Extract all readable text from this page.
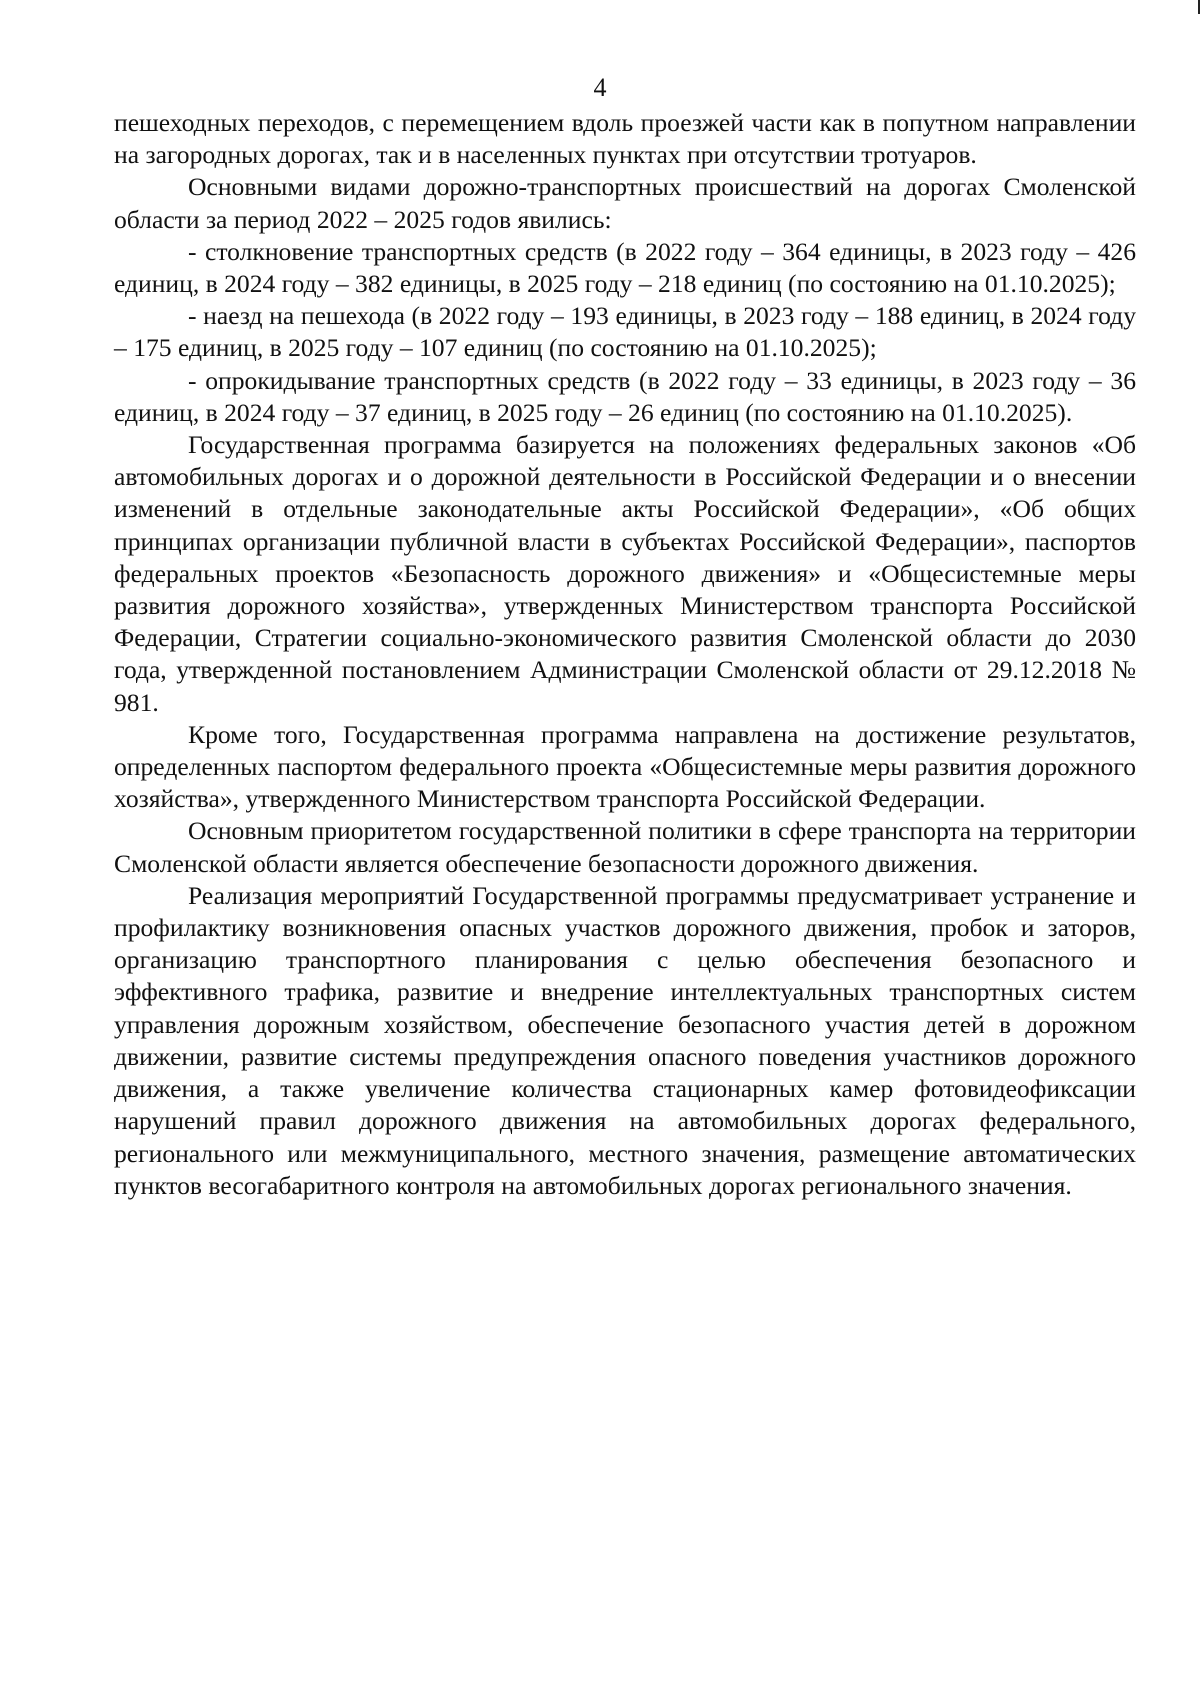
4

пешеходных переходов, с перемещением вдоль проезжей части как в попутном направлении на загородных дорогах, так и в населенных пунктах при отсутствии тротуаров.

Основными видами дорожно-транспортных происшествий на дорогах Смоленской области за период 2022 – 2025 годов явились:

- столкновение транспортных средств (в 2022 году – 364 единицы, в 2023 году – 426 единиц, в 2024 году – 382 единицы, в 2025 году – 218 единиц (по состоянию на 01.10.2025);

- наезд на пешехода (в 2022 году – 193 единицы, в 2023 году – 188 единиц, в 2024 году – 175 единиц, в 2025 году – 107 единиц (по состоянию на 01.10.2025);

- опрокидывание транспортных средств (в 2022 году – 33 единицы, в 2023 году – 36 единиц, в 2024 году – 37 единиц, в 2025 году – 26 единиц (по состоянию на 01.10.2025).

Государственная программа базируется на положениях федеральных законов «Об автомобильных дорогах и о дорожной деятельности в Российской Федерации и о внесении изменений в отдельные законодательные акты Российской Федерации», «Об общих принципах организации публичной власти в субъектах Российской Федерации», паспортов федеральных проектов «Безопасность дорожного движения» и «Общесистемные меры развития дорожного хозяйства», утвержденных Министерством транспорта Российской Федерации, Стратегии социально-экономического развития Смоленской области до 2030 года, утвержденной постановлением Администрации Смоленской области от 29.12.2018 № 981.

Кроме того, Государственная программа направлена на достижение результатов, определенных паспортом федерального проекта «Общесистемные меры развития дорожного хозяйства», утвержденного Министерством транспорта Российской Федерации.

Основным приоритетом государственной политики в сфере транспорта на территории Смоленской области является обеспечение безопасности дорожного движения.

Реализация мероприятий Государственной программы предусматривает устранение и профилактику возникновения опасных участков дорожного движения, пробок и заторов, организацию транспортного планирования с целью обеспечения безопасного и эффективного трафика, развитие и внедрение интеллектуальных транспортных систем управления дорожным хозяйством, обеспечение безопасного участия детей в дорожном движении, развитие системы предупреждения опасного поведения участников дорожного движения, а также увеличение количества стационарных камер фотовидеофиксации нарушений правил дорожного движения на автомобильных дорогах федерального, регионального или межмуниципального, местного значения, размещение автоматических пунктов весогабаритного контроля на автомобильных дорогах регионального значения.
